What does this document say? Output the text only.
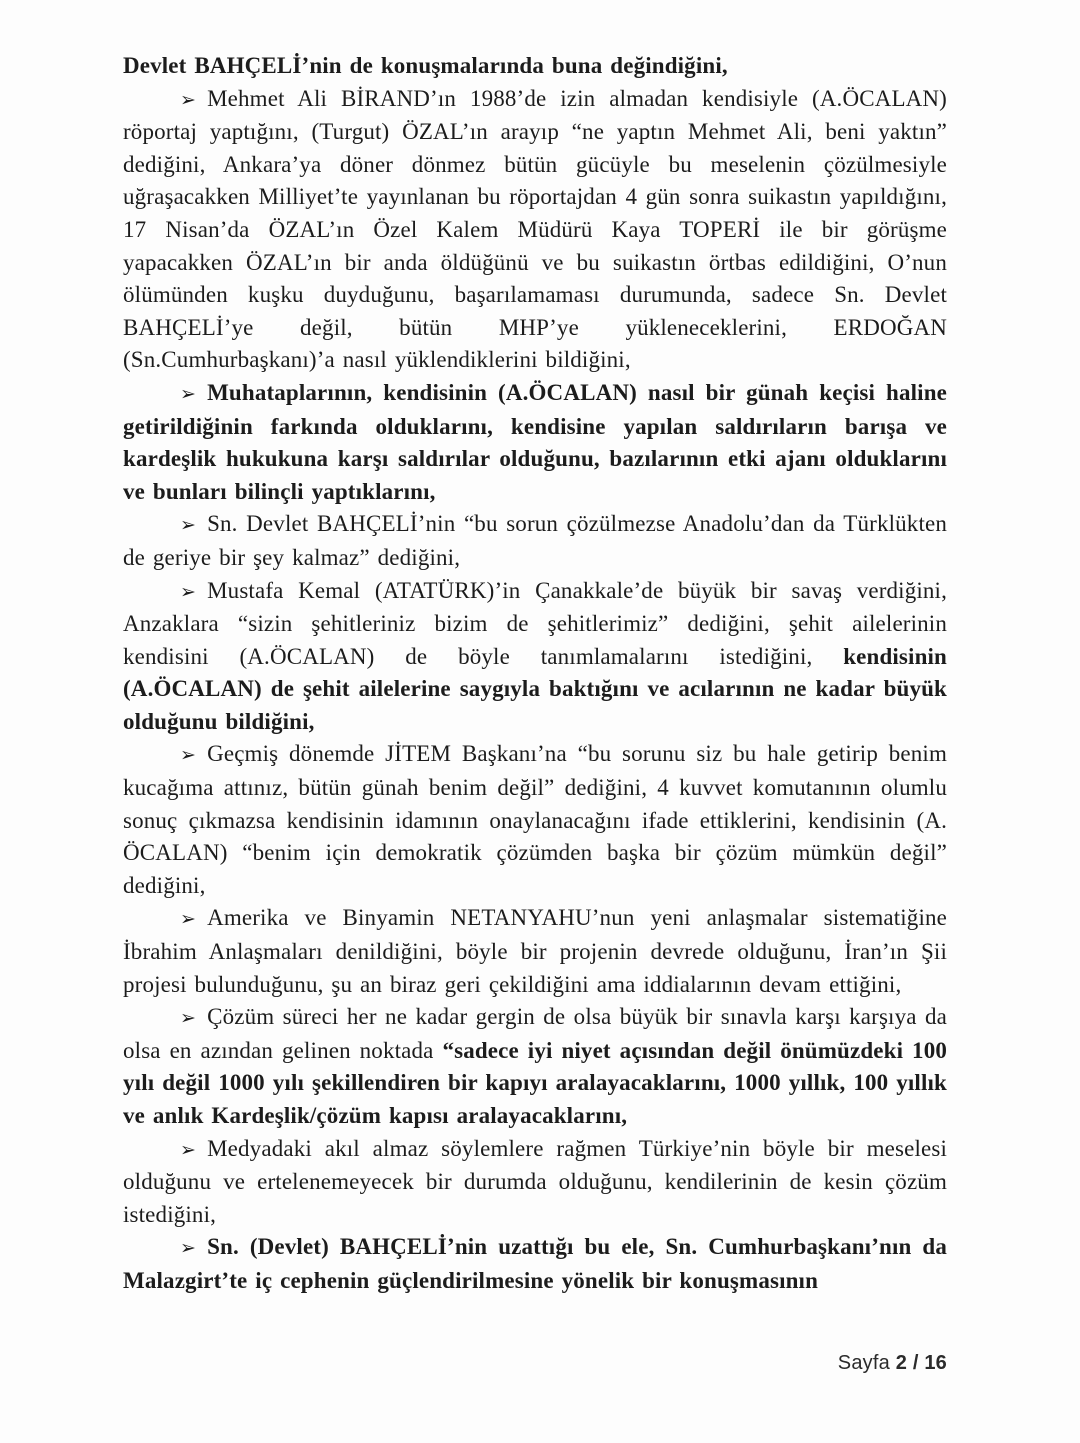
Devlet BAHÇELİ’nin de konuşmalarında buna değindiğini,

➢ Mehmet Ali BİRAND’ın 1988’de izin almadan kendisiyle (A.ÖCALAN) röportaj yaptığını, (Turgut) ÖZAL’ın arayıp “ne yaptın Mehmet Ali, beni yaktın” dediğini, Ankara’ya döner dönmez bütün gücüyle bu meselenin çözülmesiyle uğraşacakken Milliyet’te yayınlanan bu röportajdan 4 gün sonra suikastın yapıldığını, 17 Nisan’da ÖZAL’ın Özel Kalem Müdürü Kaya TOPERİ ile bir görüşme yapacakken ÖZAL’ın bir anda öldüğünü ve bu suikastın örtbas edildiğini, O’nun ölümünden kuşku duyduğunu, başarılamaması durumunda, sadece Sn. Devlet BAHÇELİ’ye değil, bütün MHP’ye yükleneceklerini, ERDOĞAN (Sn.Cumhurbaşkanı)’a nasıl yüklendiklerini bildiğini,

➢ Muhataplarının, kendisinin (A.ÖCALAN) nasıl bir günah keçisi haline getirildiğinin farkında olduklarını, kendisine yapılan saldırıların barışa ve kardeşlik hukukuna karşı saldırılar olduğunu, bazılarının etki ajanı olduklarını ve bunları bilinçli yaptıklarını,

➢ Sn. Devlet BAHÇELİ’nin “bu sorun çözülmezse Anadolu’dan da Türklükten de geriye bir şey kalmaz” dediğini,

➢ Mustafa Kemal (ATATÜRK)’in Çanakkale’de büyük bir savaş verdiğini, Anzaklara “sizin şehitleriniz bizim de şehitlerimiz” dediğini, şehit ailelerinin kendisini (A.ÖCALAN) de böyle tanımlamalarını istediğini, kendisinin (A.ÖCALAN) de şehit ailelerine saygıyla baktığını ve acılarının ne kadar büyük olduğunu bildiğini,

➢ Geçmiş dönemde JİTEM Başkanı’na “bu sorunu siz bu hale getirip benim kucağıma attınız, bütün günah benim değil” dediğini, 4 kuvvet komutanının olumlu sonuç çıkmazsa kendisinin idamının onaylanacağını ifade ettiklerini, kendisinin (A. ÖCALAN) “benim için demokratik çözümden başka bir çözüm mümkün değil” dediğini,

➢ Amerika ve Binyamin NETANYAHU’nun yeni anlaşmalar sistematiğine İbrahim Anlaşmaları denildiğini, böyle bir projenin devrede olduğunu, İran’ın Şii projesi bulunduğunu, şu an biraz geri çekildiğini ama iddialarının devam ettiğini,

➢ Çözüm süreci her ne kadar gergin de olsa büyük bir sınavla karşı karşıya da olsa en azından gelinen noktada “sadece iyi niyet açısından değil önümüzdeki 100 yılı değil 1000 yılı şekillendiren bir kapıyı aralayacaklarını, 1000 yıllık, 100 yıllık ve anlık Kardeşlik/çözüm kapısı aralayacaklarını,

➢ Medyadaki akıl almaz söylemlere rağmen Türkiye’nin böyle bir meselesi olduğunu ve ertelenemeyecek bir durumda olduğunu, kendilerinin de kesin çözüm istediğini,

➢ Sn. (Devlet) BAHÇELİ’nin uzattığı bu ele, Sn. Cumhurbaşkanı’nın da Malazgirt’te iç cephenin güçlendirilmesine yönelik bir konuşmasının

Sayfa 2 / 16
